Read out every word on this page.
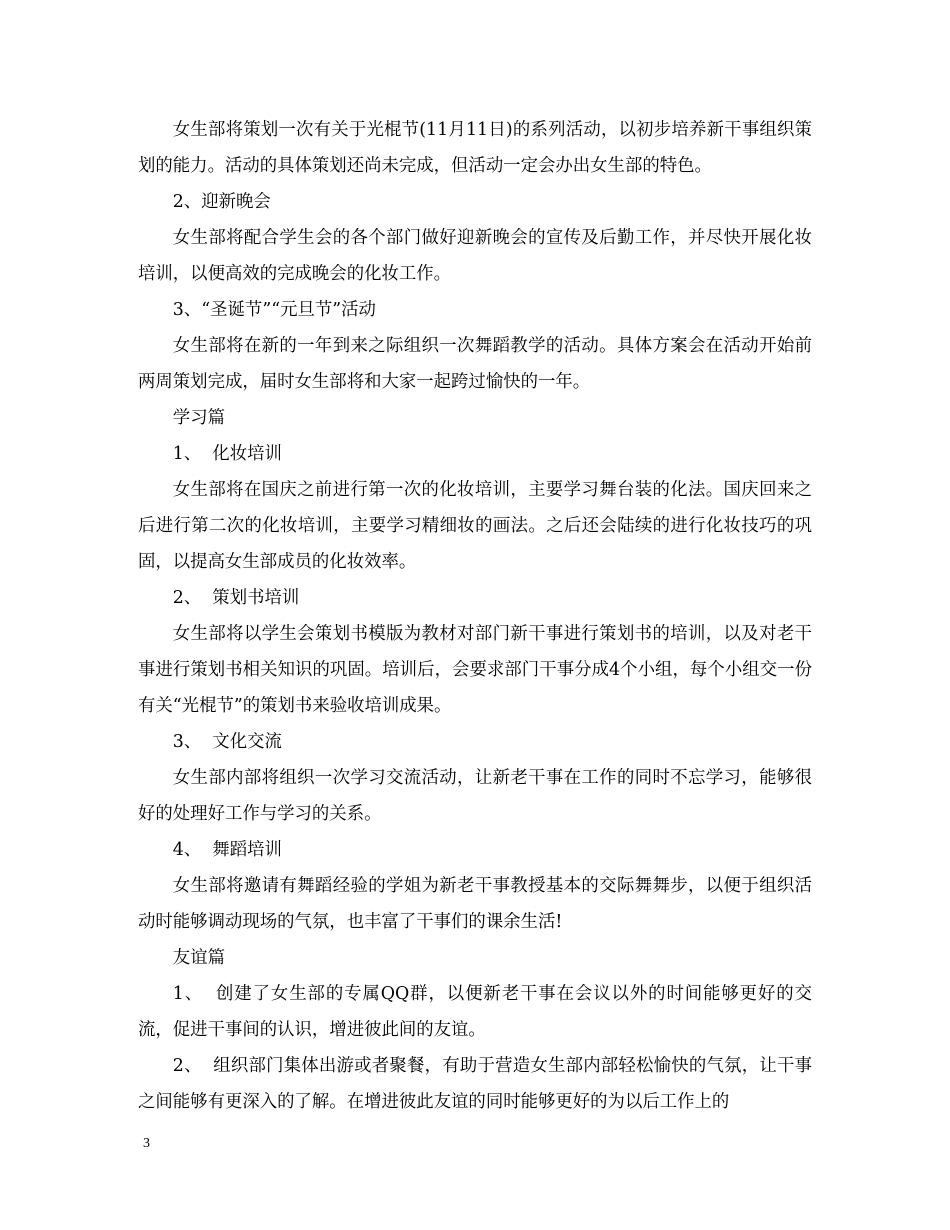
女生部将策划一次有关于光棍节(11月11日)的系列活动，以初步培养新干事组织策划的能力。活动的具体策划还尚未完成，但活动一定会办出女生部的特色。

2、迎新晚会

女生部将配合学生会的各个部门做好迎新晚会的宣传及后勤工作，并尽快开展化妆培训，以便高效的完成晚会的化妆工作。

3、“圣诞节”“元旦节”活动

女生部将在新的一年到来之际组织一次舞蹈教学的活动。具体方案会在活动开始前两周策划完成，届时女生部将和大家一起跨过愉快的一年。

学习篇

1、  化妆培训

女生部将在国庆之前进行第一次的化妆培训，主要学习舞台装的化法。国庆回来之后进行第二次的化妆培训，主要学习精细妆的画法。之后还会陆续的进行化妆技巧的巩固，以提高女生部成员的化妆效率。

2、  策划书培训

女生部将以学生会策划书模版为教材对部门新干事进行策划书的培训，以及对老干事进行策划书相关知识的巩固。培训后，会要求部门干事分成4个小组，每个小组交一份有关“光棍节”的策划书来验收培训成果。

3、  文化交流

女生部内部将组织一次学习交流活动，让新老干事在工作的同时不忘学习，能够很好的处理好工作与学习的关系。

4、  舞蹈培训

女生部将邀请有舞蹈经验的学姐为新老干事教授基本的交际舞舞步，以便于组织活动时能够调动现场的气氛，也丰富了干事们的课余生活!

友谊篇

1、  创建了女生部的专属QQ群，以便新老干事在会议以外的时间能够更好的交流，促进干事间的认识，增进彼此间的友谊。

2、  组织部门集体出游或者聚餐，有助于营造女生部内部轻松愉快的气氛，让干事之间能够有更深入的了解。在增进彼此友谊的同时能够更好的为以后工作上的

3
